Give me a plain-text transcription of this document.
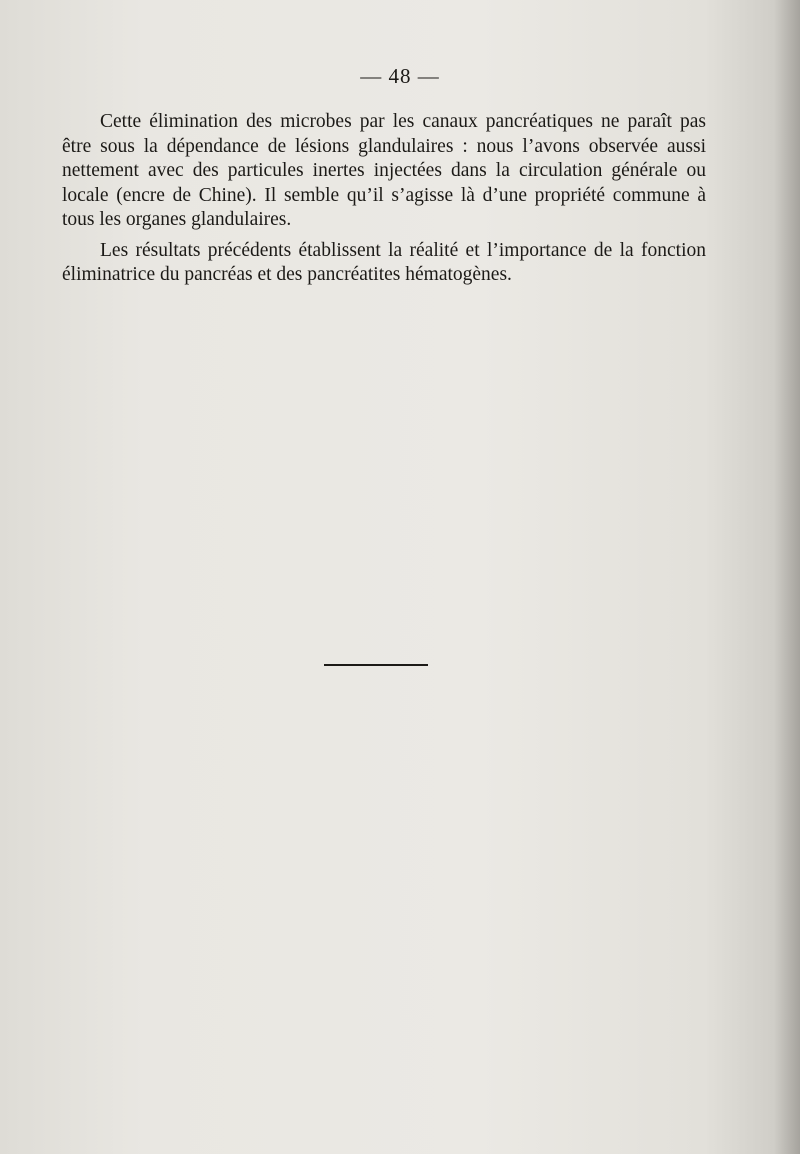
— 48 —

Cette élimination des microbes par les canaux pancréatiques ne paraît pas être sous la dépendance de lésions glandulaires : nous l’avons observée aussi nettement avec des particules inertes injectées dans la circulation générale ou locale (encre de Chine). Il semble qu’il s’agisse là d’une propriété commune à tous les organes glandulaires.

Les résultats précédents établissent la réalité et l’importance de la fonction éliminatrice du pancréas et des pancréatites hématogènes.
